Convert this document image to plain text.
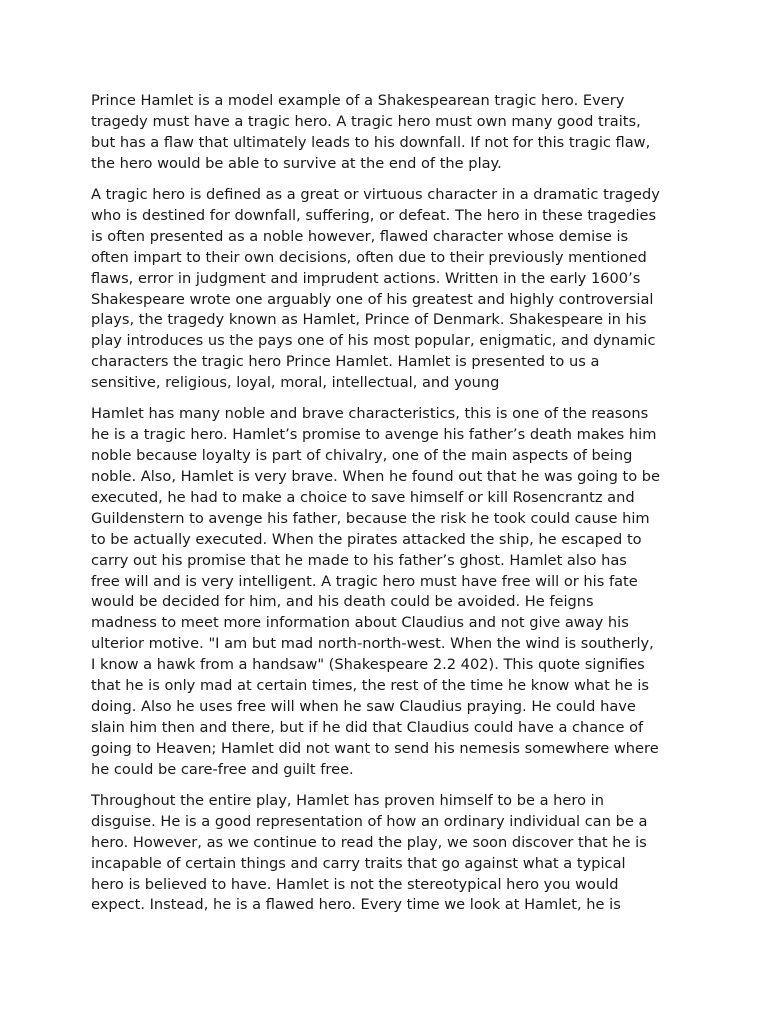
Prince Hamlet is a model example of a Shakespearean tragic hero. Every
tragedy must have a tragic hero. A tragic hero must own many good traits,
but has a flaw that ultimately leads to his downfall. If not for this tragic flaw,
the hero would be able to survive at the end of the play.

A tragic hero is defined as a great or virtuous character in a dramatic tragedy
who is destined for downfall, suffering, or defeat. The hero in these tragedies
is often presented as a noble however, flawed character whose demise is
often impart to their own decisions, often due to their previously mentioned
flaws, error in judgment and imprudent actions. Written in the early 1600’s
Shakespeare wrote one arguably one of his greatest and highly controversial
plays, the tragedy known as Hamlet, Prince of Denmark. Shakespeare in his
play introduces us the pays one of his most popular, enigmatic, and dynamic
characters the tragic hero Prince Hamlet. Hamlet is presented to us a
sensitive, religious, loyal, moral, intellectual, and young

Hamlet has many noble and brave characteristics, this is one of the reasons
he is a tragic hero. Hamlet’s promise to avenge his father’s death makes him
noble because loyalty is part of chivalry, one of the main aspects of being
noble. Also, Hamlet is very brave. When he found out that he was going to be
executed, he had to make a choice to save himself or kill Rosencrantz and
Guildenstern to avenge his father, because the risk he took could cause him
to be actually executed. When the pirates attacked the ship, he escaped to
carry out his promise that he made to his father’s ghost. Hamlet also has
free will and is very intelligent. A tragic hero must have free will or his fate
would be decided for him, and his death could be avoided. He feigns
madness to meet more information about Claudius and not give away his
ulterior motive. "I am but mad north-north-west. When the wind is southerly,
I know a hawk from a handsaw" (Shakespeare 2.2 402). This quote signifies
that he is only mad at certain times, the rest of the time he know what he is
doing. Also he uses free will when he saw Claudius praying. He could have
slain him then and there, but if he did that Claudius could have a chance of
going to Heaven; Hamlet did not want to send his nemesis somewhere where
he could be care-free and guilt free.

Throughout the entire play, Hamlet has proven himself to be a hero in
disguise. He is a good representation of how an ordinary individual can be a
hero. However, as we continue to read the play, we soon discover that he is
incapable of certain things and carry traits that go against what a typical
hero is believed to have. Hamlet is not the stereotypical hero you would
expect. Instead, he is a flawed hero. Every time we look at Hamlet, he is
